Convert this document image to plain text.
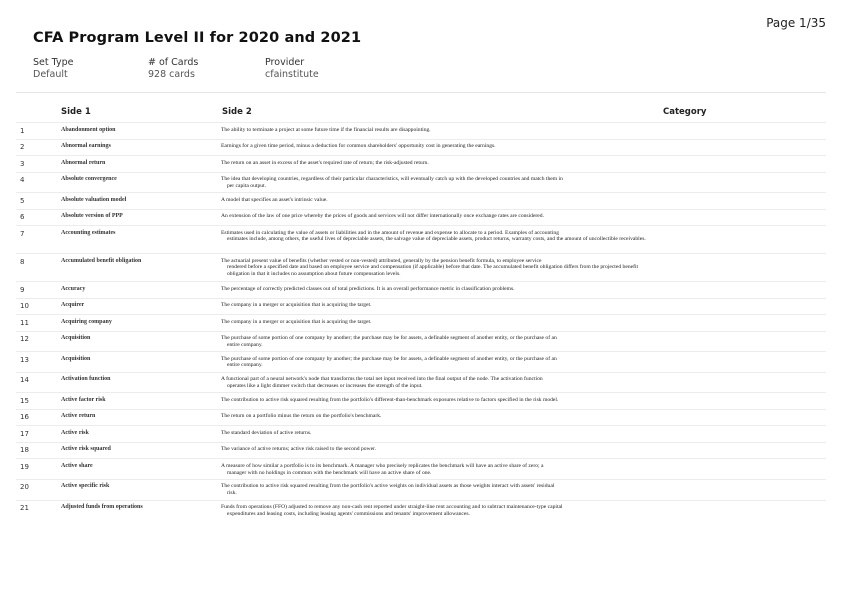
Page 1/35
CFA Program Level II for 2020 and 2021
Set Type
Default
# of Cards
928 cards
Provider
cfainstitute
Side 1	Side 2	Category
1	Abandonment option	The ability to terminate a project at some future time if the financial results are disappointing.
2	Abnormal earnings	Earnings for a given time period, minus a deduction for common shareholders' opportunity cost in generating the earnings.
3	Abnormal return	The return on an asset in excess of the asset's required rate of return; the risk-adjusted return.
4	Absolute convergence	The idea that developing countries, regardless of their particular characteristics, will eventually catch up with the developed countries and match them in
per capita output.
5	Absolute valuation model	A model that specifies an asset's intrinsic value.
6	Absolute version of PPP	An extension of the law of one price whereby the prices of goods and services will not differ internationally once exchange rates are considered.
7	Accounting estimates	Estimates used in calculating the value of assets or liabilities and in the amount of revenue and expense to allocate to a period. Examples of accounting
estimates include, among others, the useful lives of depreciable assets, the salvage value of depreciable assets, product returns, warranty costs, and the amount of uncollectible receivables.
8	Accumulated benefit obligation	The actuarial present value of benefits (whether vested or non-vested) attributed, generally by the pension benefit formula, to employee service
rendered before a specified date and based on employee service and compensation (if applicable) before that date. The accumulated benefit obligation differs from the projected benefit obligation in that it includes no assumption about future compensation levels.
9	Accuracy	The percentage of correctly predicted classes out of total predictions. It is an overall performance metric in classification problems.
10	Acquirer	The company in a merger or acquisition that is acquiring the target.
11	Acquiring company	The company in a merger or acquisition that is acquiring the target.
12	Acquisition	The purchase of some portion of one company by another; the purchase may be for assets, a definable segment of another entity, or the purchase of an
entire company.
13	Acquisition	The purchase of some portion of one company by another; the purchase may be for assets, a definable segment of another entity, or the purchase of an
entire company.
14	Activation function	A functional part of a neural network's node that transforms the total net input received into the final output of the node. The activation function
operates like a light dimmer switch that decreases or increases the strength of the input.
15	Active factor risk	The contribution to active risk squared resulting from the portfolio's different-than-benchmark exposures relative to factors specified in the risk model.
16	Active return	The return on a portfolio minus the return on the portfolio's benchmark.
17	Active risk	The standard deviation of active returns.
18	Active risk squared	The variance of active returns; active risk raised to the second power.
19	Active share	A measure of how similar a portfolio is to its benchmark. A manager who precisely replicates the benchmark will have an active share of zero; a
manager with no holdings in common with the benchmark will have an active share of one.
20	Active specific risk	The contribution to active risk squared resulting from the portfolio's active weights on individual assets as those weights interact with assets' residual
risk.
21	Adjusted funds from operations	Funds from operations (FFO) adjusted to remove any non-cash rent reported under straight-line rent accounting and to subtract maintenance-type capital
expenditures and leasing costs, including leasing agents' commissions and tenants' improvement allowances.
